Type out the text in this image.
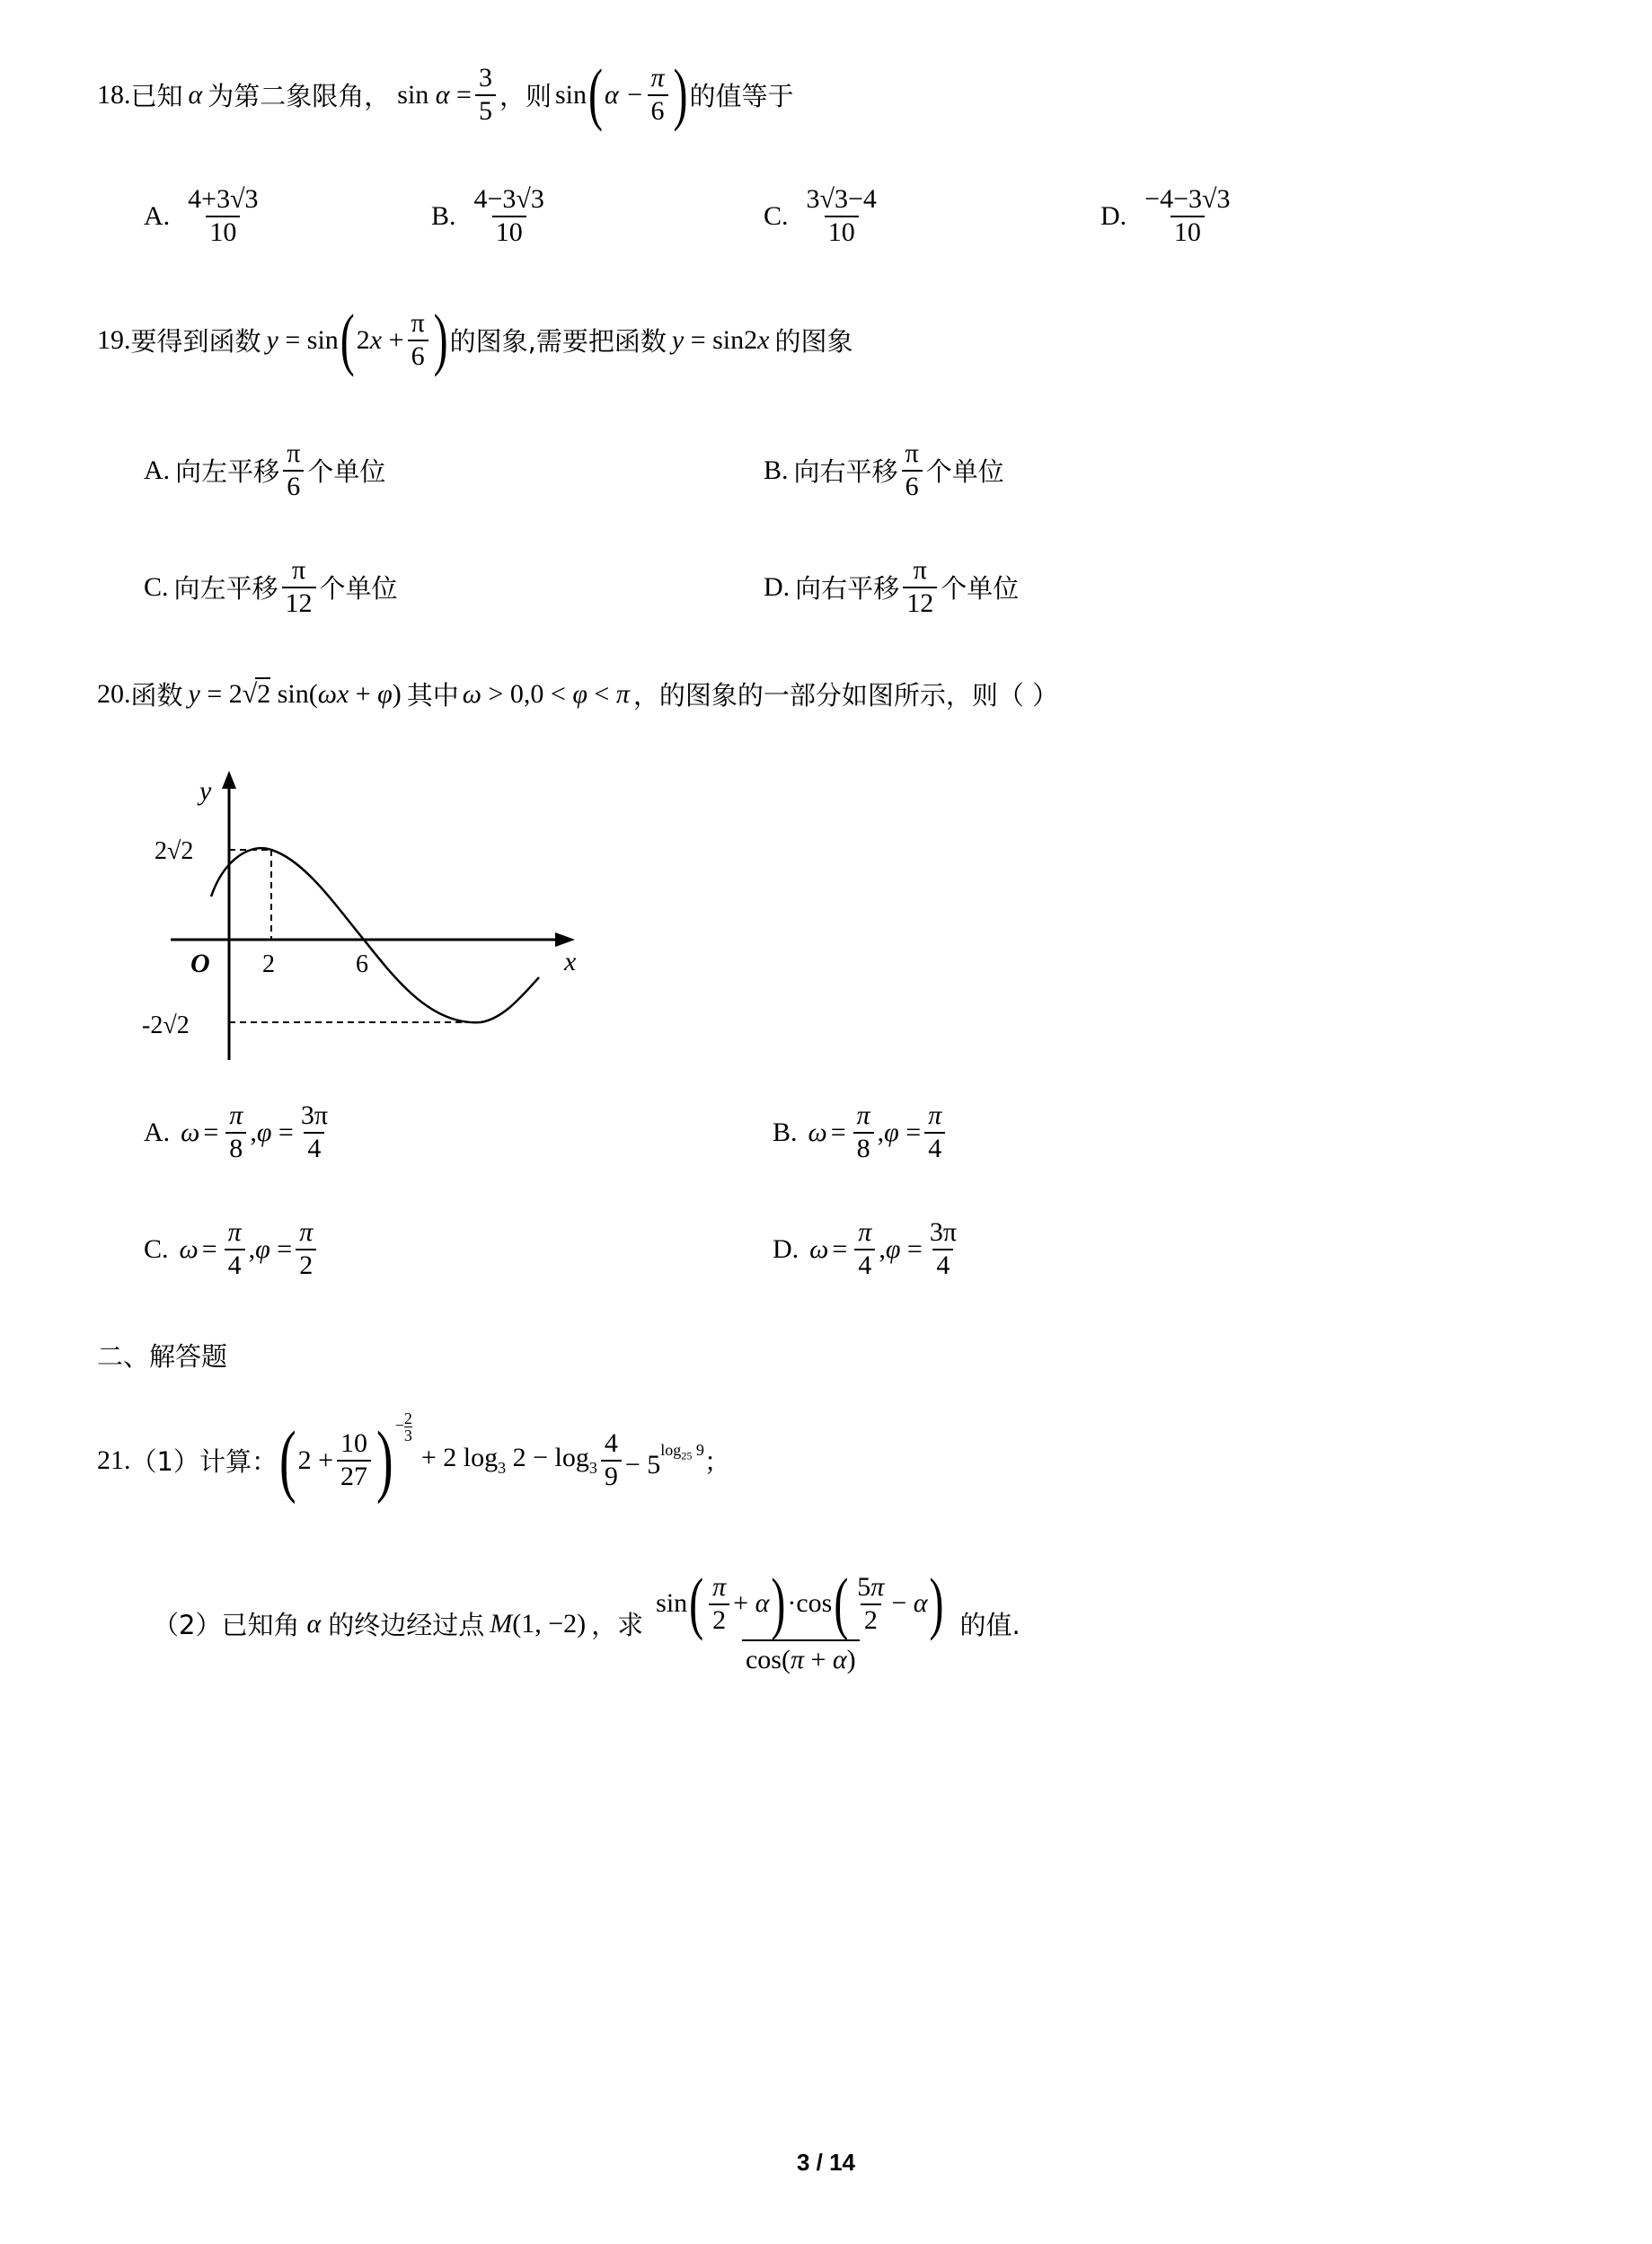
18. 已知 α 为第二象限角， $\sin \alpha = \frac{3}{5}$ ，则 sin ( $\alpha - \frac{\pi}{6}$ ) 的值等于
A. $\frac{4+3√3}{10}$	B. $\frac{4-3√3}{10}$	C. $\frac{3√3-4}{10}$	D. $\frac{-4-3√3}{10}$
19. 要得到函数 y = sin ( $2x + \frac{\pi}{6}$ ) 的图象,需要把函数 y = sin2x 的图象
A. 向左平移 $\frac{\pi}{6}$ 个单位	B. 向右平移 $\frac{\pi}{6}$ 个单位
C. 向左平移 $\frac{\pi}{12}$ 个单位	D. 向右平移 $\frac{\pi}{12}$ 个单位
20. 函数 y = 2√2 sin(ωx + φ) 其中 ω > 0,0 < φ < π ，的图象的一部分如图所示，则（ ）
y
x
O 2	6
2√2
-2√2
A. $\omega = \frac{\pi}{8} ,\varphi = \frac{3\pi}{4}$	B. $\omega = \frac{\pi}{8} ,\varphi = \frac{\pi}{4}$
C. $\omega = \frac{\pi}{4} ,\varphi = \frac{\pi}{2}$	D. $\omega = \frac{\pi}{4} ,\varphi = \frac{3\pi}{4}$
二、解答题
21. （1）计算： ( $2 + \frac{10}{27}$ ) − $\frac{2}{3}$
+ 2 $\log_3 2 - \log_3 \frac{4}{9} - 5^{log_{25} 9}$ ；
（2）已知角 α 的终边经过点 M(1, −2) ，求
sin ( $\frac{\pi}{2} + \alpha$ ) ·cos ( $\frac{5\pi}{2} - \alpha$ )
cos(π + α)
的值.
3 / 14
